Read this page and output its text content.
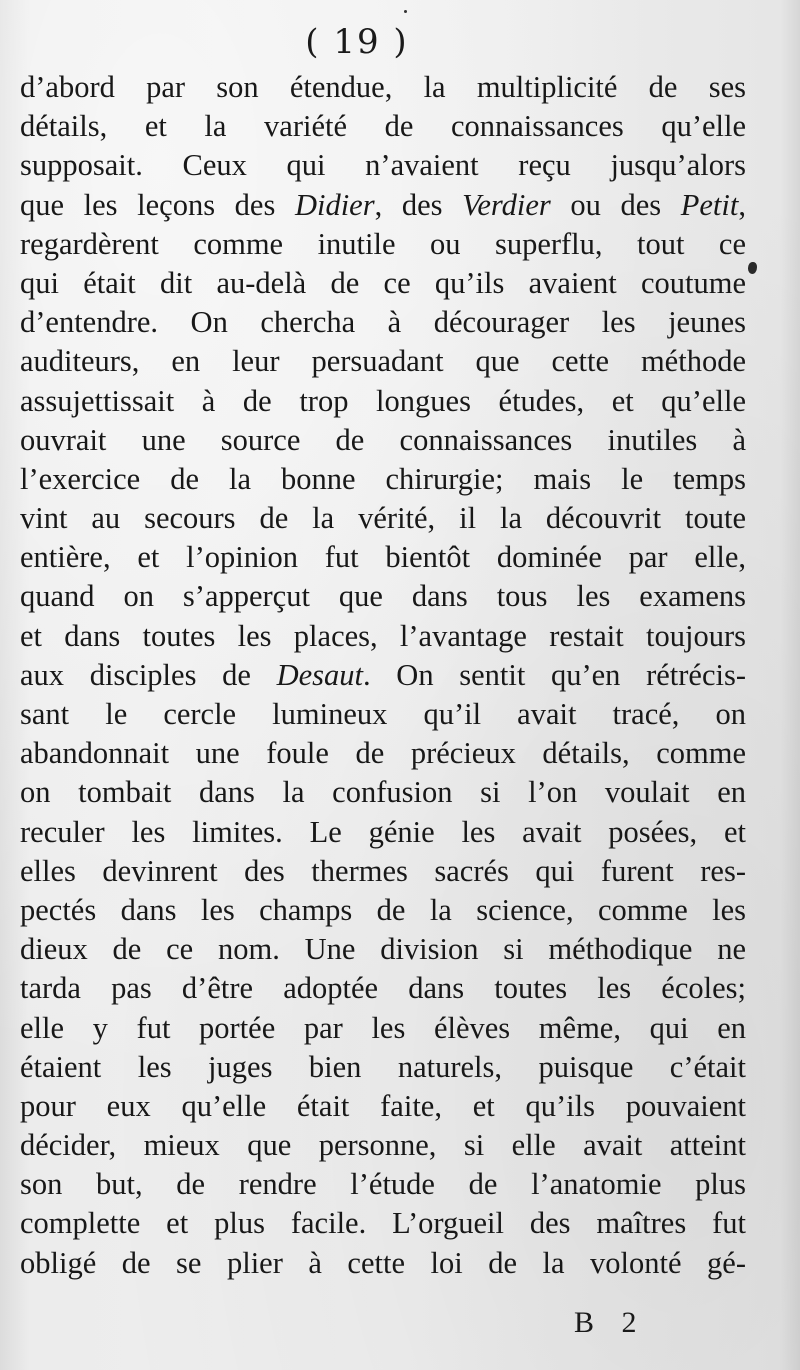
( 19 )
d’abord par son étendue, la multiplicité de ses
détails, et la variété de connaissances qu’elle
supposait. Ceux qui n’avaient reçu jusqu’alors
que les leçons des Didier, des Verdier ou des Petit,
regardèrent comme inutile ou superflu, tout ce
qui était dit au-delà de ce qu’ils avaient coutume
d’entendre. On chercha à décourager les jeunes
auditeurs, en leur persuadant que cette méthode
assujettissait à de trop longues études, et qu’elle
ouvrait une source de connaissances inutiles à
l’exercice de la bonne chirurgie; mais le temps
vint au secours de la vérité, il la découvrit toute
entière, et l’opinion fut bientôt dominée par elle,
quand on s’apperçut que dans tous les examens
et dans toutes les places, l’avantage restait toujours
aux disciples de Desaut. On sentit qu’en rétrécis-
sant le cercle lumineux qu’il avait tracé, on
abandonnait une foule de précieux détails, comme
on tombait dans la confusion si l’on voulait en
reculer les limites. Le génie les avait posées, et
elles devinrent des thermes sacrés qui furent res-
pectés dans les champs de la science, comme les
dieux de ce nom. Une division si méthodique ne
tarda pas d’être adoptée dans toutes les écoles;
elle y fut portée par les élèves même, qui en
étaient les juges bien naturels, puisque c’était
pour eux qu’elle était faite, et qu’ils pouvaient
décider, mieux que personne, si elle avait atteint
son but, de rendre l’étude de l’anatomie plus
complette et plus facile. L’orgueil des maîtres fut
obligé de se plier à cette loi de la volonté gé-
B 2
